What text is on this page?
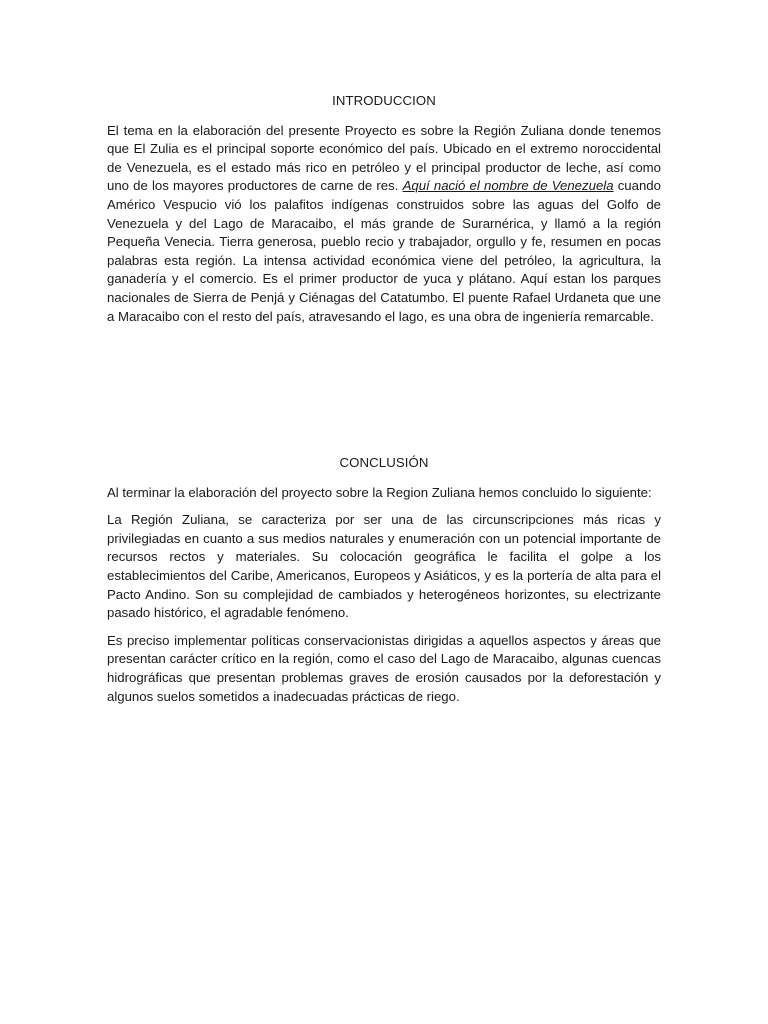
INTRODUCCION

El tema en la elaboración del presente Proyecto es sobre la Región Zuliana donde tenemos que El Zulia es el principal soporte económico del país. Ubicado en el extremo noroccidental de Venezuela, es el estado más rico en petróleo y el principal productor de leche, así como uno de los mayores productores de carne de res. Aquí nació el nombre de Venezuela cuando Américo Vespucio vió los palafitos indígenas construidos sobre las aguas del Golfo de Venezuela y del Lago de Maracaibo, el más grande de Surarnérica, y llamó a la región Pequeña Venecia. Tierra generosa, pueblo recio y trabajador, orgullo y fe, resumen en pocas palabras esta región. La intensa actividad económica viene del petróleo, la agricultura, la ganadería y el comercio. Es el primer productor de yuca y plátano. Aquí estan los parques nacionales de Sierra de Penjá y Ciénagas del Catatumbo. El puente Rafael Urdaneta que une a Maracaibo con el resto del país, atravesando el lago, es una obra de ingeniería remarcable.

CONCLUSIÓN

Al terminar la elaboración del proyecto sobre la Region Zuliana hemos concluido lo siguiente:

La Región Zuliana, se caracteriza por ser una de las circunscripciones más ricas y privilegiadas en cuanto a sus medios naturales y enumeración con un potencial importante de recursos rectos y materiales. Su colocación geográfica le facilita el golpe a los establecimientos del Caribe, Americanos, Europeos y Asiáticos, y es la portería de alta para el Pacto Andino. Son su complejidad de cambiados y heterogéneos horizontes, su electrizante pasado histórico, el agradable fenómeno.

Es preciso implementar políticas conservacionistas dirigidas a aquellos aspectos y áreas que presentan carácter crítico en la región, como el caso del Lago de Maracaibo, algunas cuencas hidrográficas que presentan problemas graves de erosión causados por la deforestación y algunos suelos sometidos a inadecuadas prácticas de riego.
